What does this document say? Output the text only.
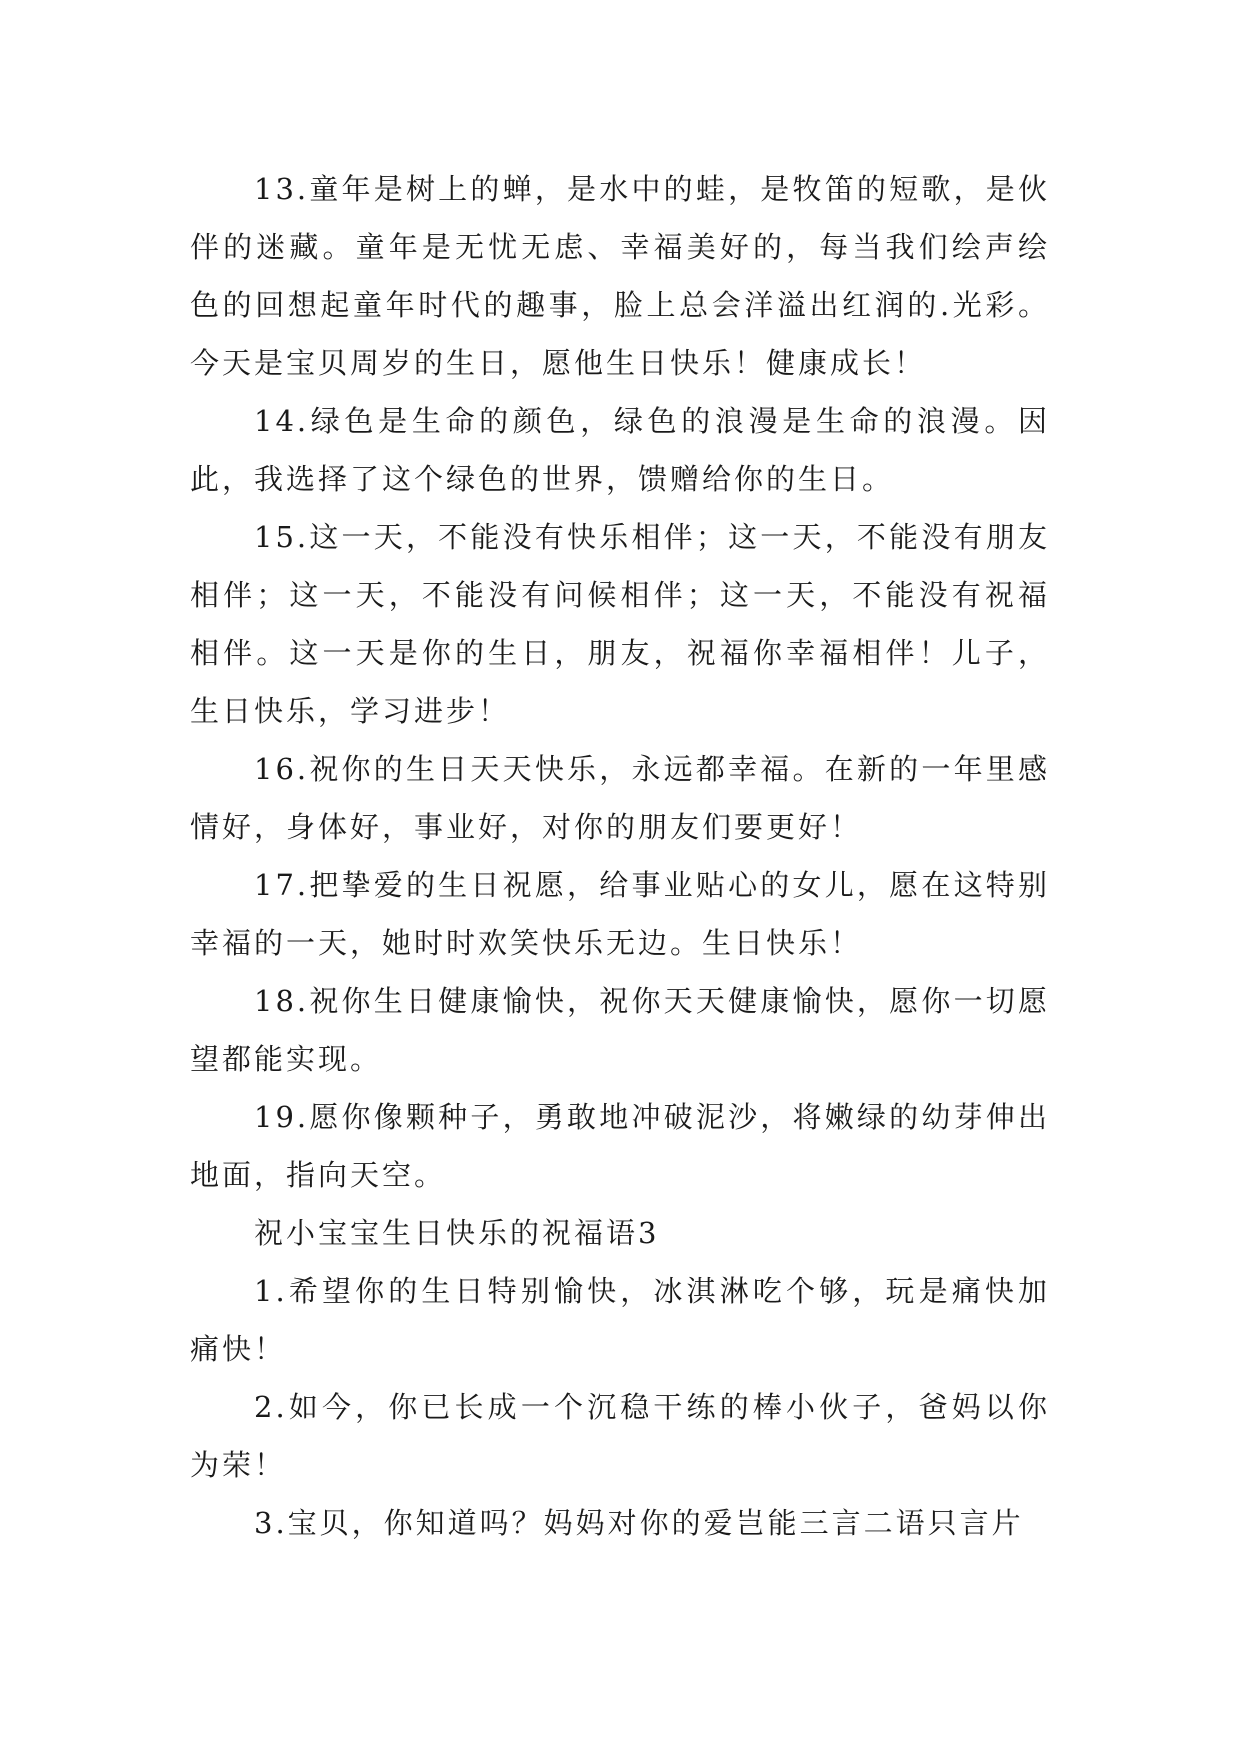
13.童年是树上的蝉，是水中的蛙，是牧笛的短歌，是伙伴的迷藏。童年是无忧无虑、幸福美好的，每当我们绘声绘色的回想起童年时代的趣事，脸上总会洋溢出红润的.光彩。今天是宝贝周岁的生日，愿他生日快乐！健康成长！

14.绿色是生命的颜色，绿色的浪漫是生命的浪漫。因此，我选择了这个绿色的世界，馈赠给你的生日。

15.这一天，不能没有快乐相伴；这一天，不能没有朋友相伴；这一天，不能没有问候相伴；这一天，不能没有祝福相伴。这一天是你的生日，朋友，祝福你幸福相伴！儿子，生日快乐，学习进步！

16.祝你的生日天天快乐，永远都幸福。在新的一年里感情好，身体好，事业好，对你的朋友们要更好！

17.把挚爱的生日祝愿，给事业贴心的女儿，愿在这特别幸福的一天，她时时欢笑快乐无边。生日快乐！

18.祝你生日健康愉快，祝你天天健康愉快，愿你一切愿望都能实现。

19.愿你像颗种子，勇敢地冲破泥沙，将嫩绿的幼芽伸出地面，指向天空。

祝小宝宝生日快乐的祝福语3

1.希望你的生日特别愉快，冰淇淋吃个够，玩是痛快加痛快！

2.如今，你已长成一个沉稳干练的棒小伙子，爸妈以你为荣！

3.宝贝，你知道吗？妈妈对你的爱岂能三言二语只言片
